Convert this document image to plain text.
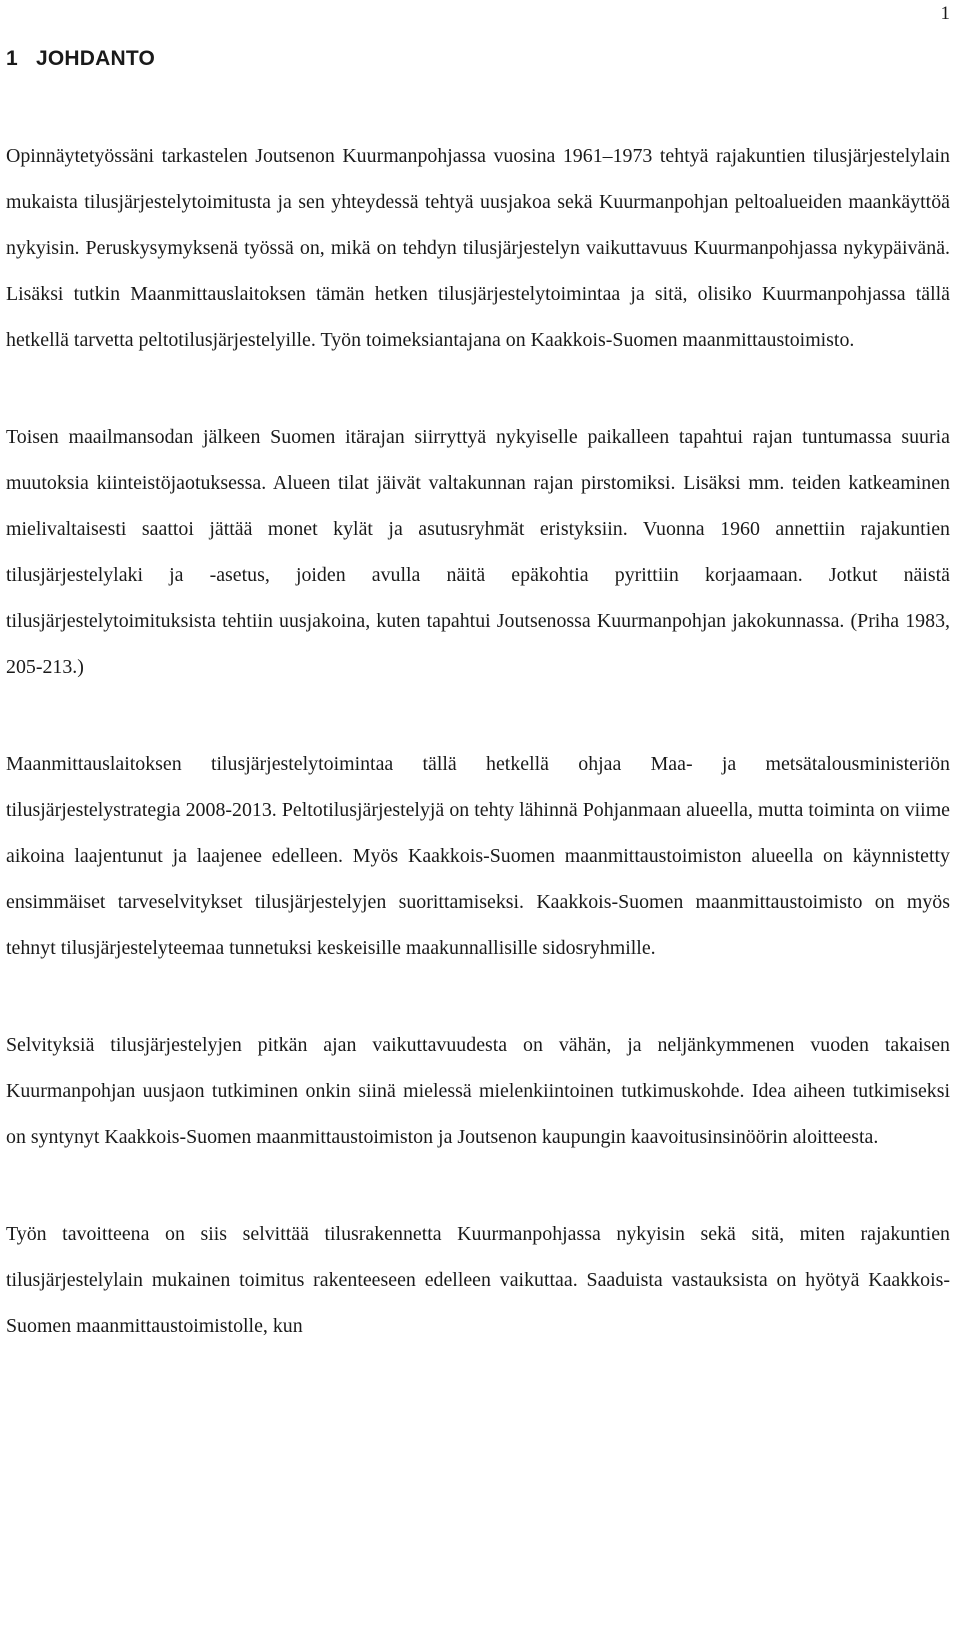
1
1 JOHDANTO

Opinnäytetyössäni tarkastelen Joutsenon Kuurmanpohjassa vuosina 1961–1973 tehtyä rajakuntien tilusjärjestelylain mukaista tilusjärjestelytoimitusta ja sen yhteydessä tehtyä uusjakoa sekä Kuurmanpohjan peltoalueiden maankäyttöä nykyisin. Peruskysymyksenä työssä on, mikä on tehdyn tilusjärjestelyn vaikuttavuus Kuurmanpohjassa nykypäivänä. Lisäksi tutkin Maanmittauslaitoksen tämän hetken tilusjärjestelytoimintaa ja sitä, olisiko Kuurmanpohjassa tällä hetkellä tarvetta peltotilusjärjestelyille. Työn toimeksiantajana on Kaakkois-Suomen maanmittaustoimisto.

Toisen maailmansodan jälkeen Suomen itärajan siirryttyä nykyiselle paikalleen tapahtui rajan tuntumassa suuria muutoksia kiinteistöjaotuksessa. Alueen tilat jäivät valtakunnan rajan pirstomiksi. Lisäksi mm. teiden katkeaminen mielivaltaisesti saattoi jättää monet kylät ja asutusryhmät eristyksiin. Vuonna 1960 annettiin rajakuntien tilusjärjestelylaki ja -asetus, joiden avulla näitä epäkohtia pyrittiin korjaamaan. Jotkut näistä tilusjärjestelytoimituksista tehtiin uusjakoina, kuten tapahtui Joutsenossa Kuurmanpohjan jakokunnassa. (Priha 1983, 205-213.)

Maanmittauslaitoksen tilusjärjestelytoimintaa tällä hetkellä ohjaa Maa- ja metsätalousministeriön tilusjärjestelystrategia 2008-2013. Peltotilusjärjestelyjä on tehty lähinnä Pohjanmaan alueella, mutta toiminta on viime aikoina laajentunut ja laajenee edelleen. Myös Kaakkois-Suomen maanmittaustoimiston alueella on käynnistetty ensimmäiset tarveselvitykset tilusjärjestelyjen suorittamiseksi. Kaakkois-Suomen maanmittaustoimisto on myös tehnyt tilusjärjestelyteemaa tunnetuksi keskeisille maakunnallisille sidosryhmille.

Selvityksiä tilusjärjestelyjen pitkän ajan vaikuttavuudesta on vähän, ja neljänkymmenen vuoden takaisen Kuurmanpohjan uusjaon tutkiminen onkin siinä mielessä mielenkiintoinen tutkimuskohde. Idea aiheen tutkimiseksi on syntynyt Kaakkois-Suomen maanmittaustoimiston ja Joutsenon kaupungin kaavoitusinsinöörin aloitteesta.

Työn tavoitteena on siis selvittää tilusrakennetta Kuurmanpohjassa nykyisin sekä sitä, miten rajakuntien tilusjärjestelylain mukainen toimitus rakenteeseen edelleen vaikuttaa. Saaduista vastauksista on hyötyä Kaakkois-Suomen maanmittaustoimistolle, kun
